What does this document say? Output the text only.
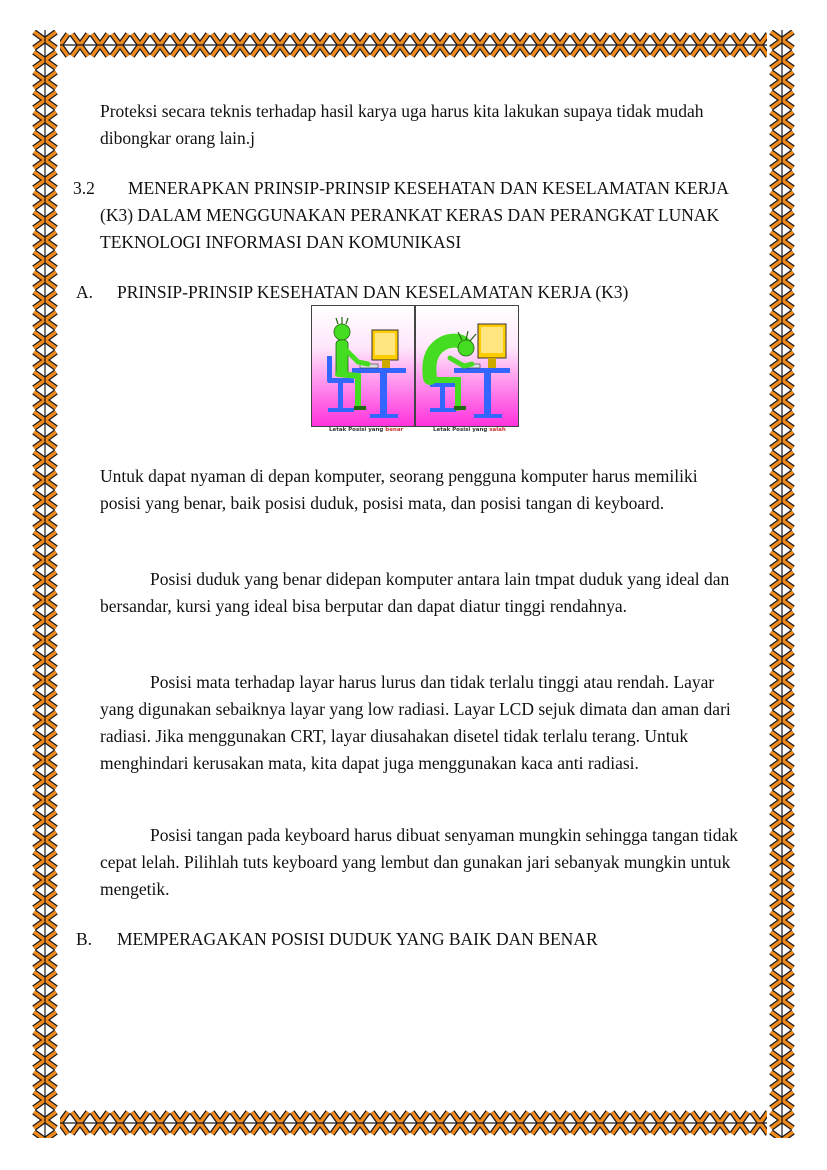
Proteksi secara teknis terhadap hasil karya uga harus kita lakukan supaya tidak mudah dibongkar orang lain.j

3.2	MENERAPKAN PRINSIP-PRINSIP KESEHATAN DAN KESELAMATAN KERJA (K3) DALAM MENGGUNAKAN PERANKAT KERAS DAN PERANGKAT LUNAK TEKNOLOGI INFORMASI DAN KOMUNIKASI

A. PRINSIP-PRINSIP KESEHATAN DAN KESELAMATAN KERJA (K3)
Letak Posisi yang benar	Letak Posisi yang salah

Untuk dapat nyaman di depan komputer, seorang pengguna komputer harus memiliki posisi yang benar, baik posisi duduk, posisi mata, dan posisi tangan di keyboard.

Posisi duduk yang benar didepan komputer antara lain tmpat duduk yang ideal dan bersandar, kursi yang ideal bisa berputar dan dapat diatur tinggi rendahnya.

Posisi mata terhadap layar harus lurus dan tidak terlalu tinggi atau rendah. Layar yang digunakan sebaiknya layar yang low radiasi. Layar LCD sejuk dimata dan aman dari radiasi. Jika menggunakan CRT, layar diusahakan disetel tidak terlalu terang. Untuk menghindari kerusakan mata, kita dapat juga menggunakan kaca anti radiasi.

Posisi tangan pada keyboard harus dibuat senyaman mungkin sehingga tangan tidak cepat lelah. Pilihlah tuts keyboard yang lembut dan gunakan jari sebanyak mungkin untuk mengetik.

B. MEMPERAGAKAN POSISI DUDUK YANG BAIK DAN BENAR
